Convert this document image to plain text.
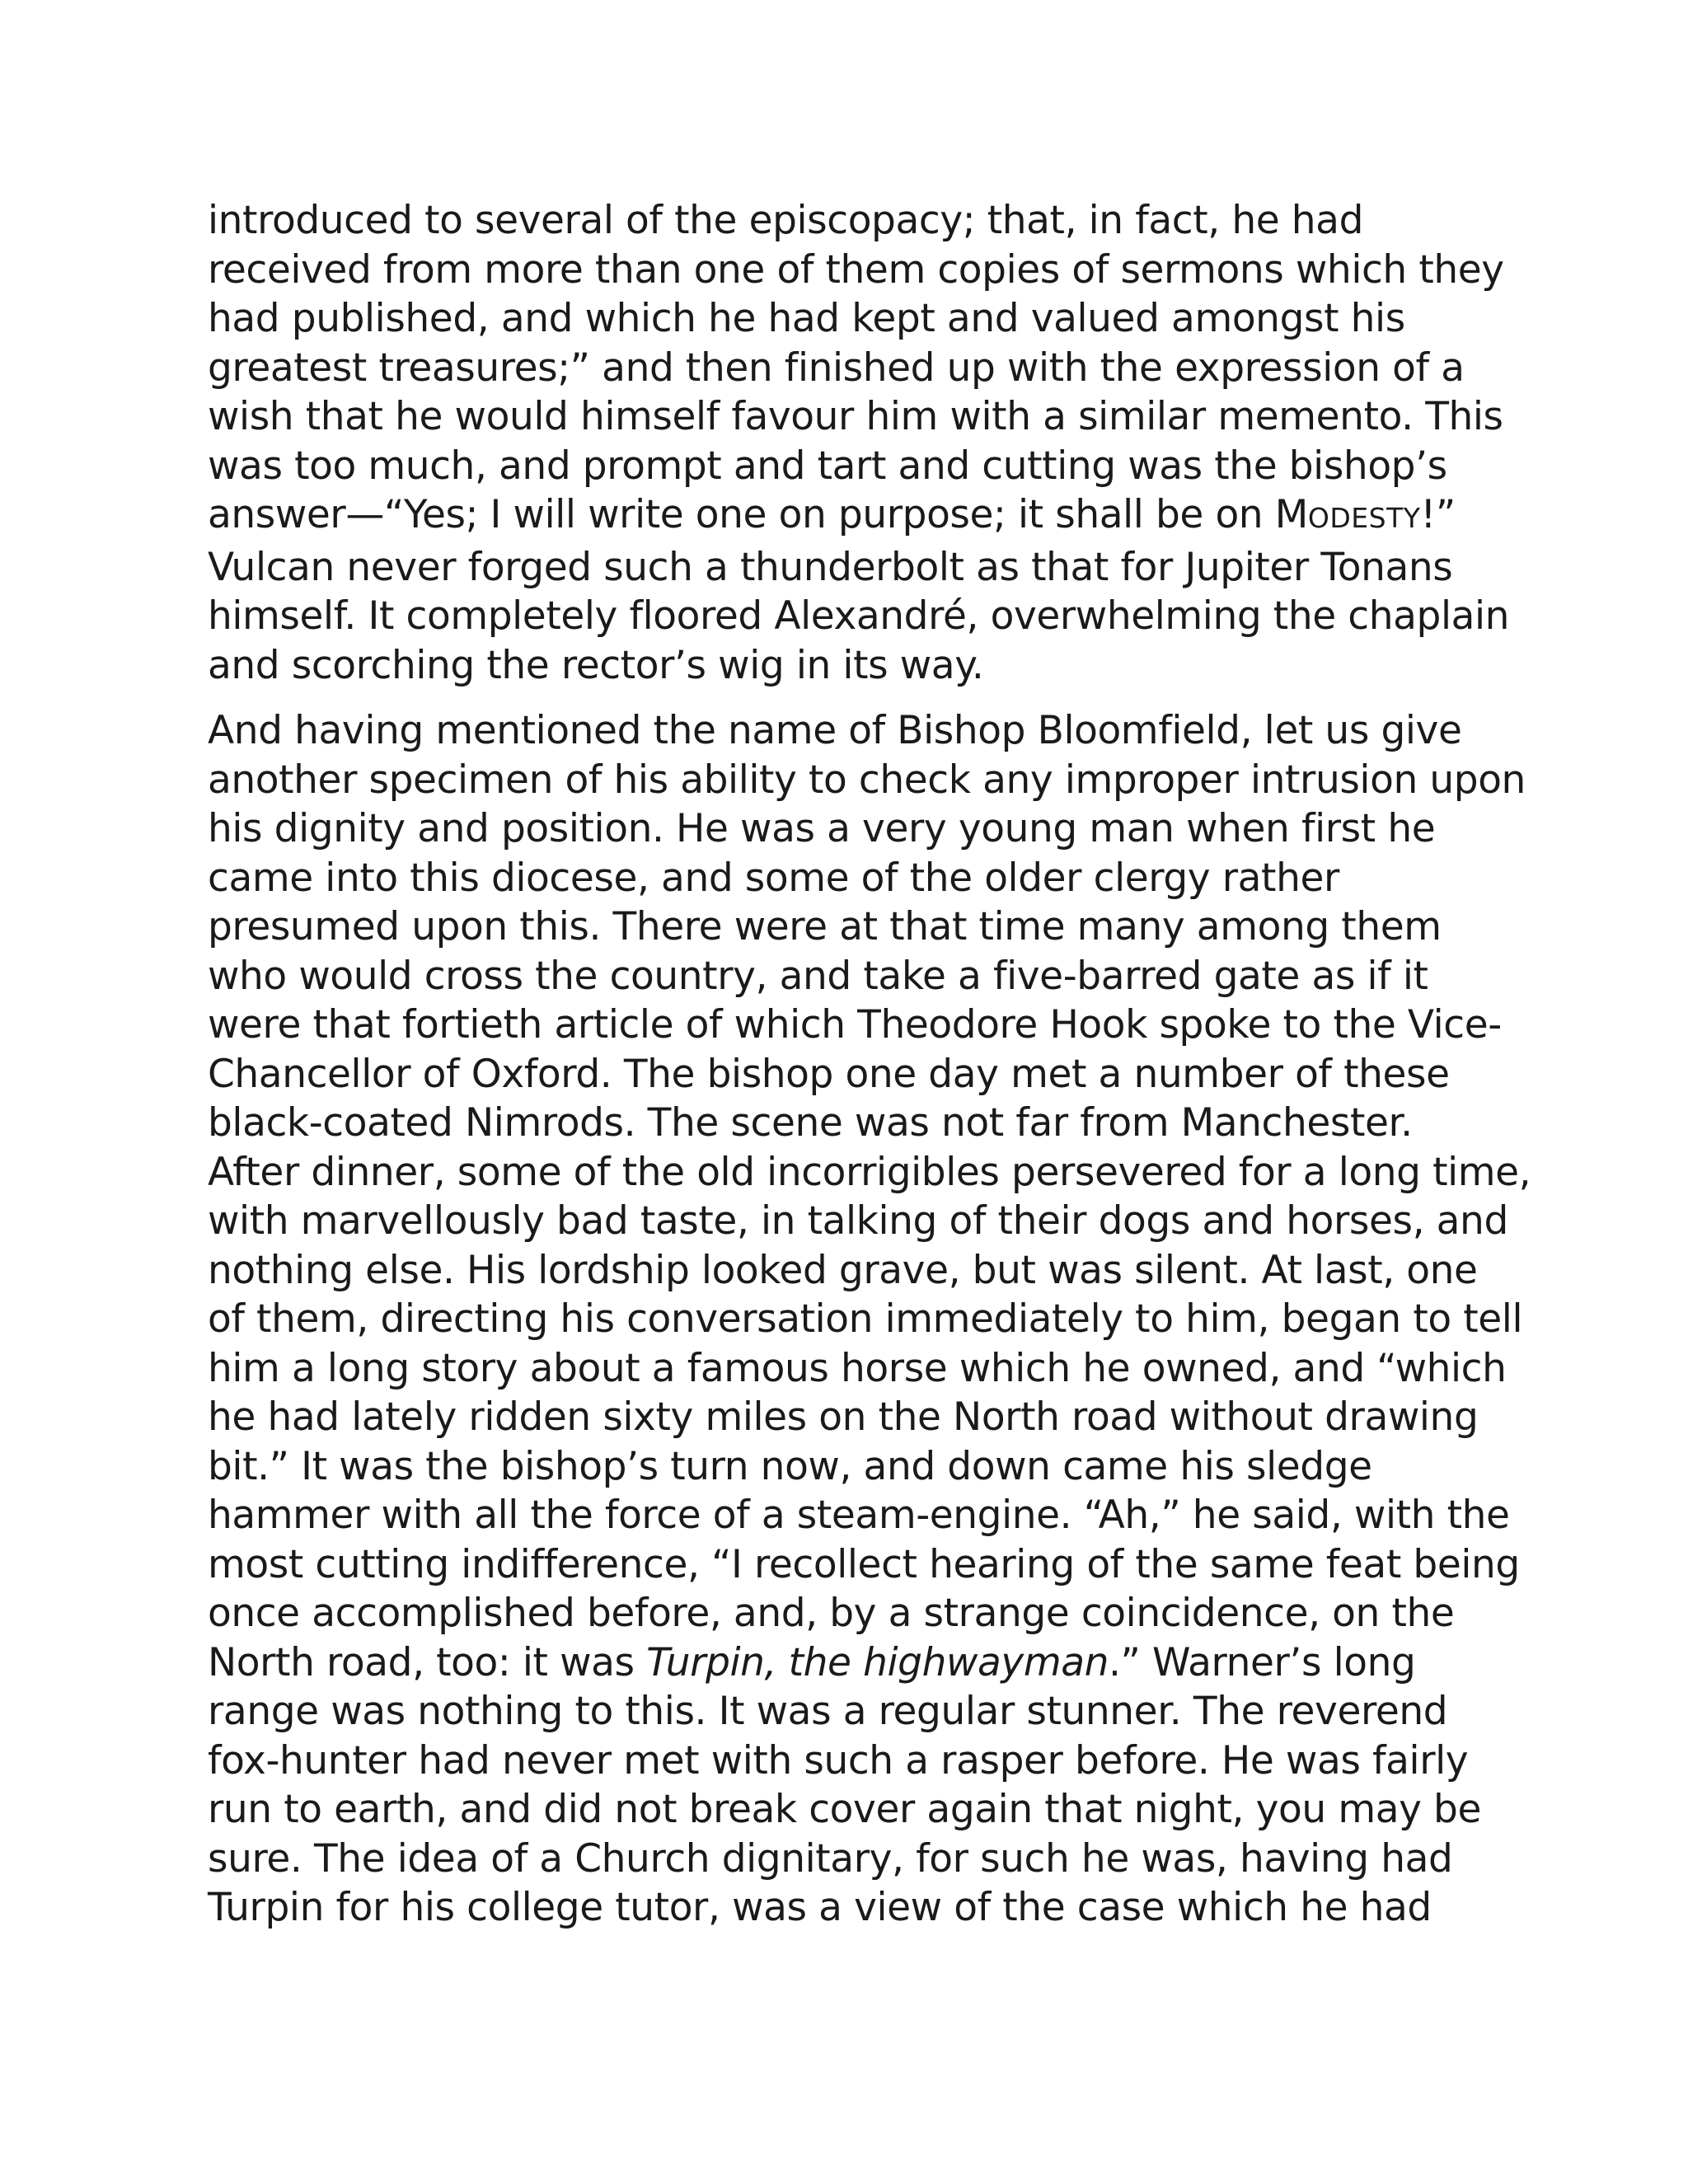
introduced to several of the episcopacy; that, in fact, he had
received from more than one of them copies of sermons which they
had published, and which he had kept and valued amongst his
greatest treasures;” and then finished up with the expression of a
wish that he would himself favour him with a similar memento. This
was too much, and prompt and tart and cutting was the bishop’s
answer—“Yes; I will write one on purpose; it shall be on MODESTY!”
Vulcan never forged such a thunderbolt as that for Jupiter Tonans
himself. It completely floored Alexandré, overwhelming the chaplain
and scorching the rector’s wig in its way.

And having mentioned the name of Bishop Bloomfield, let us give
another specimen of his ability to check any improper intrusion upon
his dignity and position. He was a very young man when first he
came into this diocese, and some of the older clergy rather
presumed upon this. There were at that time many among them
who would cross the country, and take a five-barred gate as if it
were that fortieth article of which Theodore Hook spoke to the Vice-
Chancellor of Oxford. The bishop one day met a number of these
black-coated Nimrods. The scene was not far from Manchester.
After dinner, some of the old incorrigibles persevered for a long time,
with marvellously bad taste, in talking of their dogs and horses, and
nothing else. His lordship looked grave, but was silent. At last, one
of them, directing his conversation immediately to him, began to tell
him a long story about a famous horse which he owned, and “which
he had lately ridden sixty miles on the North road without drawing
bit.” It was the bishop’s turn now, and down came his sledge
hammer with all the force of a steam-engine. “Ah,” he said, with the
most cutting indifference, “I recollect hearing of the same feat being
once accomplished before, and, by a strange coincidence, on the
North road, too: it was Turpin, the highwayman.” Warner’s long
range was nothing to this. It was a regular stunner. The reverend
fox-hunter had never met with such a rasper before. He was fairly
run to earth, and did not break cover again that night, you may be
sure. The idea of a Church dignitary, for such he was, having had
Turpin for his college tutor, was a view of the case which he had
